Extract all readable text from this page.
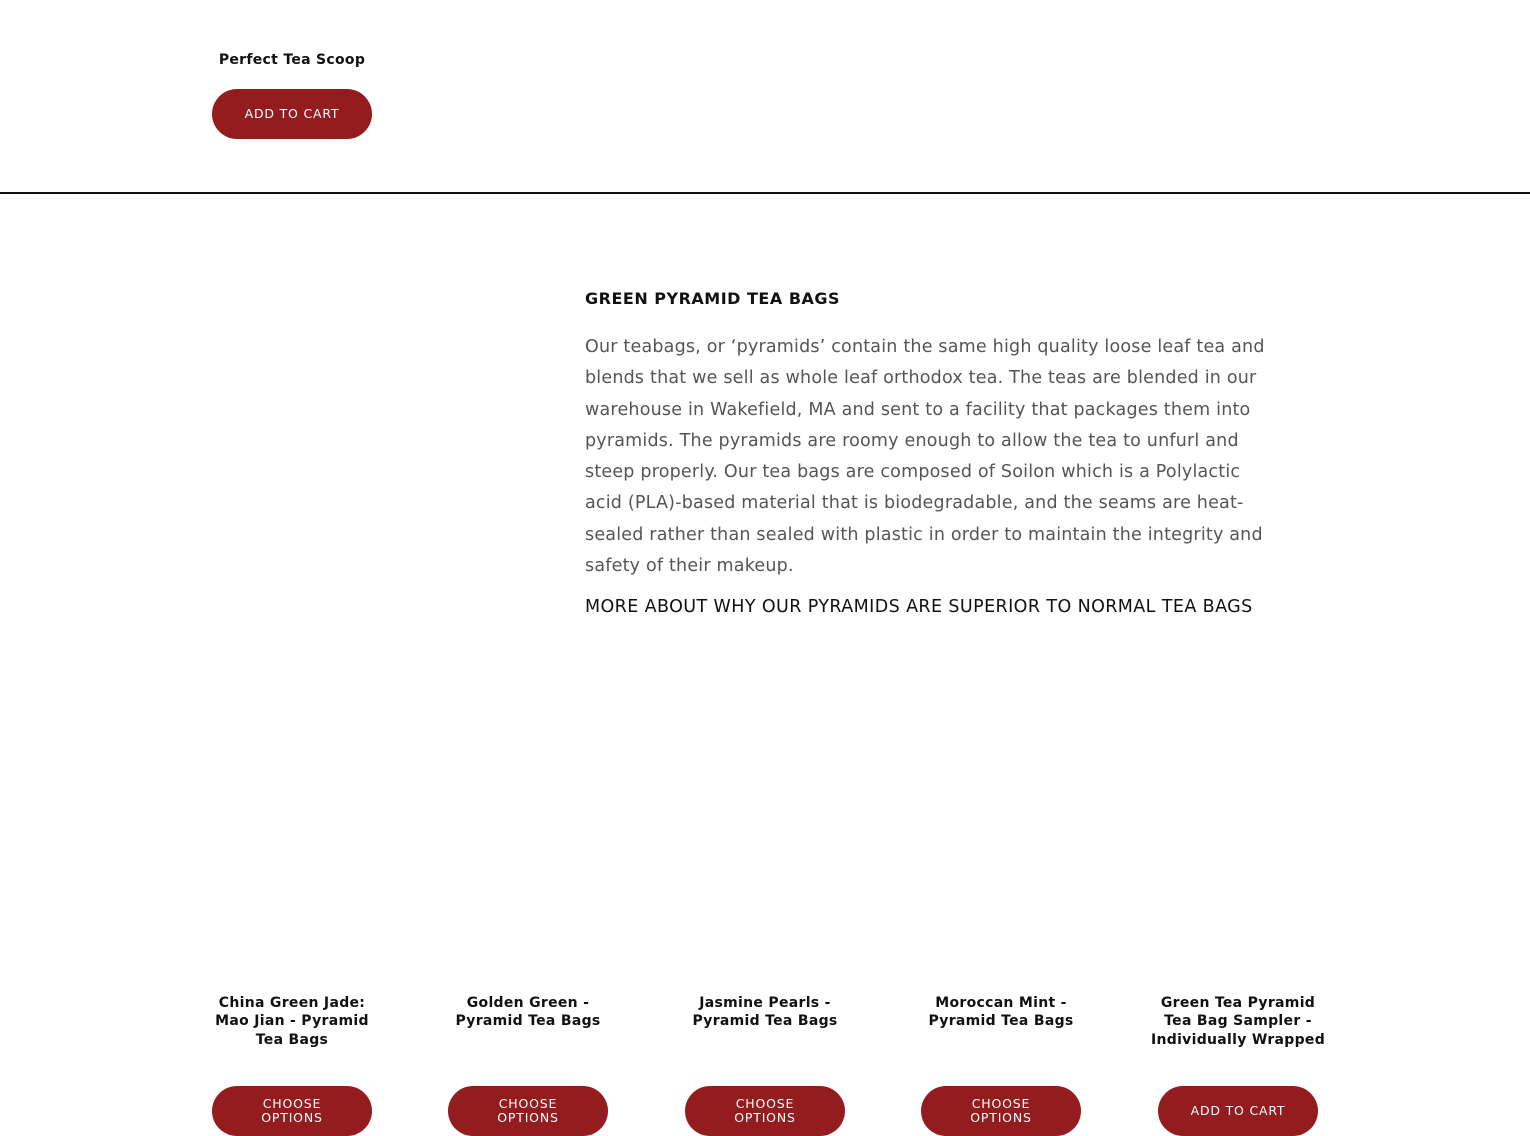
Perfect Tea Scoop
ADD TO CART
GREEN PYRAMID TEA BAGS

Our teabags, or ‘pyramids’ contain the same high quality loose leaf tea and blends that we sell as whole leaf orthodox tea. The teas are blended in our warehouse in Wakefield, MA and sent to a facility that packages them into pyramids. The pyramids are roomy enough to allow the tea to unfurl and steep properly. Our tea bags are composed of Soilon which is a Polylactic acid (PLA)-based material that is biodegradable, and the seams are heat-sealed rather than sealed with plastic in order to maintain the integrity and safety of their makeup.

MORE ABOUT WHY OUR PYRAMIDS ARE SUPERIOR TO NORMAL TEA BAGS
China Green Jade: Mao Jian - Pyramid Tea Bags
CHOOSE OPTIONS
Golden Green - Pyramid Tea Bags
CHOOSE OPTIONS
Jasmine Pearls - Pyramid Tea Bags
CHOOSE OPTIONS
Moroccan Mint - Pyramid Tea Bags
CHOOSE OPTIONS
Green Tea Pyramid Tea Bag Sampler - Individually Wrapped
ADD TO CART
